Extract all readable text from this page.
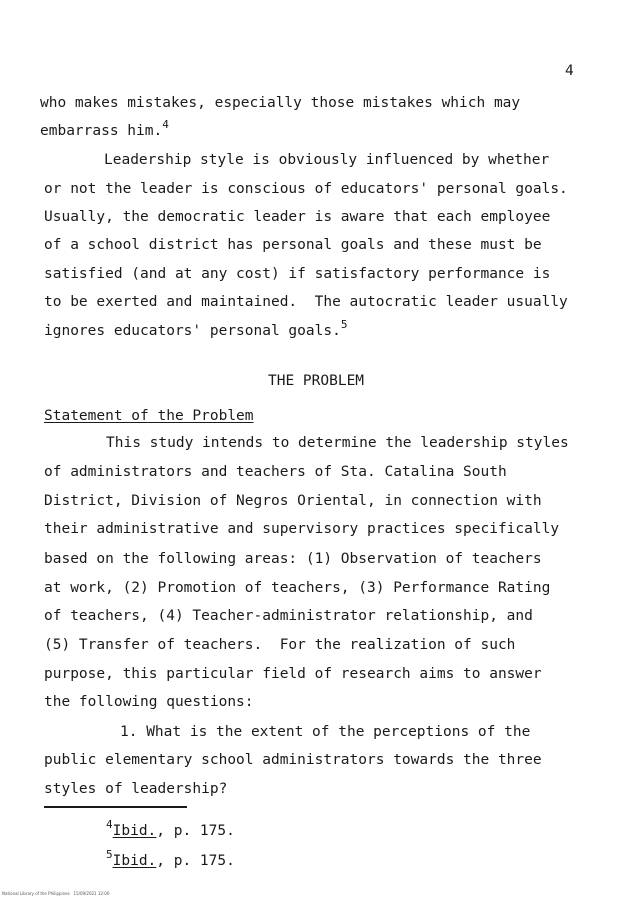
4
who makes mistakes, especially those mistakes which may
embarrass him.$^4$
Leadership style is obviously influenced by whether
or not the leader is conscious of educators' personal goals.
Usually, the democratic leader is aware that each employee
of a school district has personal goals and these must be
satisfied (and at any cost) if satisfactory performance is
to be exerted and maintained.  The autocratic leader usually
ignores educators' personal goals.$^5$
THE PROBLEM
Statement of the Problem
This study intends to determine the leadership styles
of administrators and teachers of Sta. Catalina South
District, Division of Negros Oriental, in connection with
their administrative and supervisory practices specifically
based on the following areas: (1) Observation of teachers
at work, (2) Promotion of teachers, (3) Performance Rating
of teachers, (4) Teacher-administrator relationship, and
(5) Transfer of teachers.  For the realization of such
purpose, this particular field of research aims to answer
the following questions:
1. What is the extent of the perceptions of the
public elementary school administrators towards the three
styles of leadership?
$^4$Ibid., p. 175.
$^5$Ibid., p. 175.
National Library of the Philippines   15/09/2021 12:00
